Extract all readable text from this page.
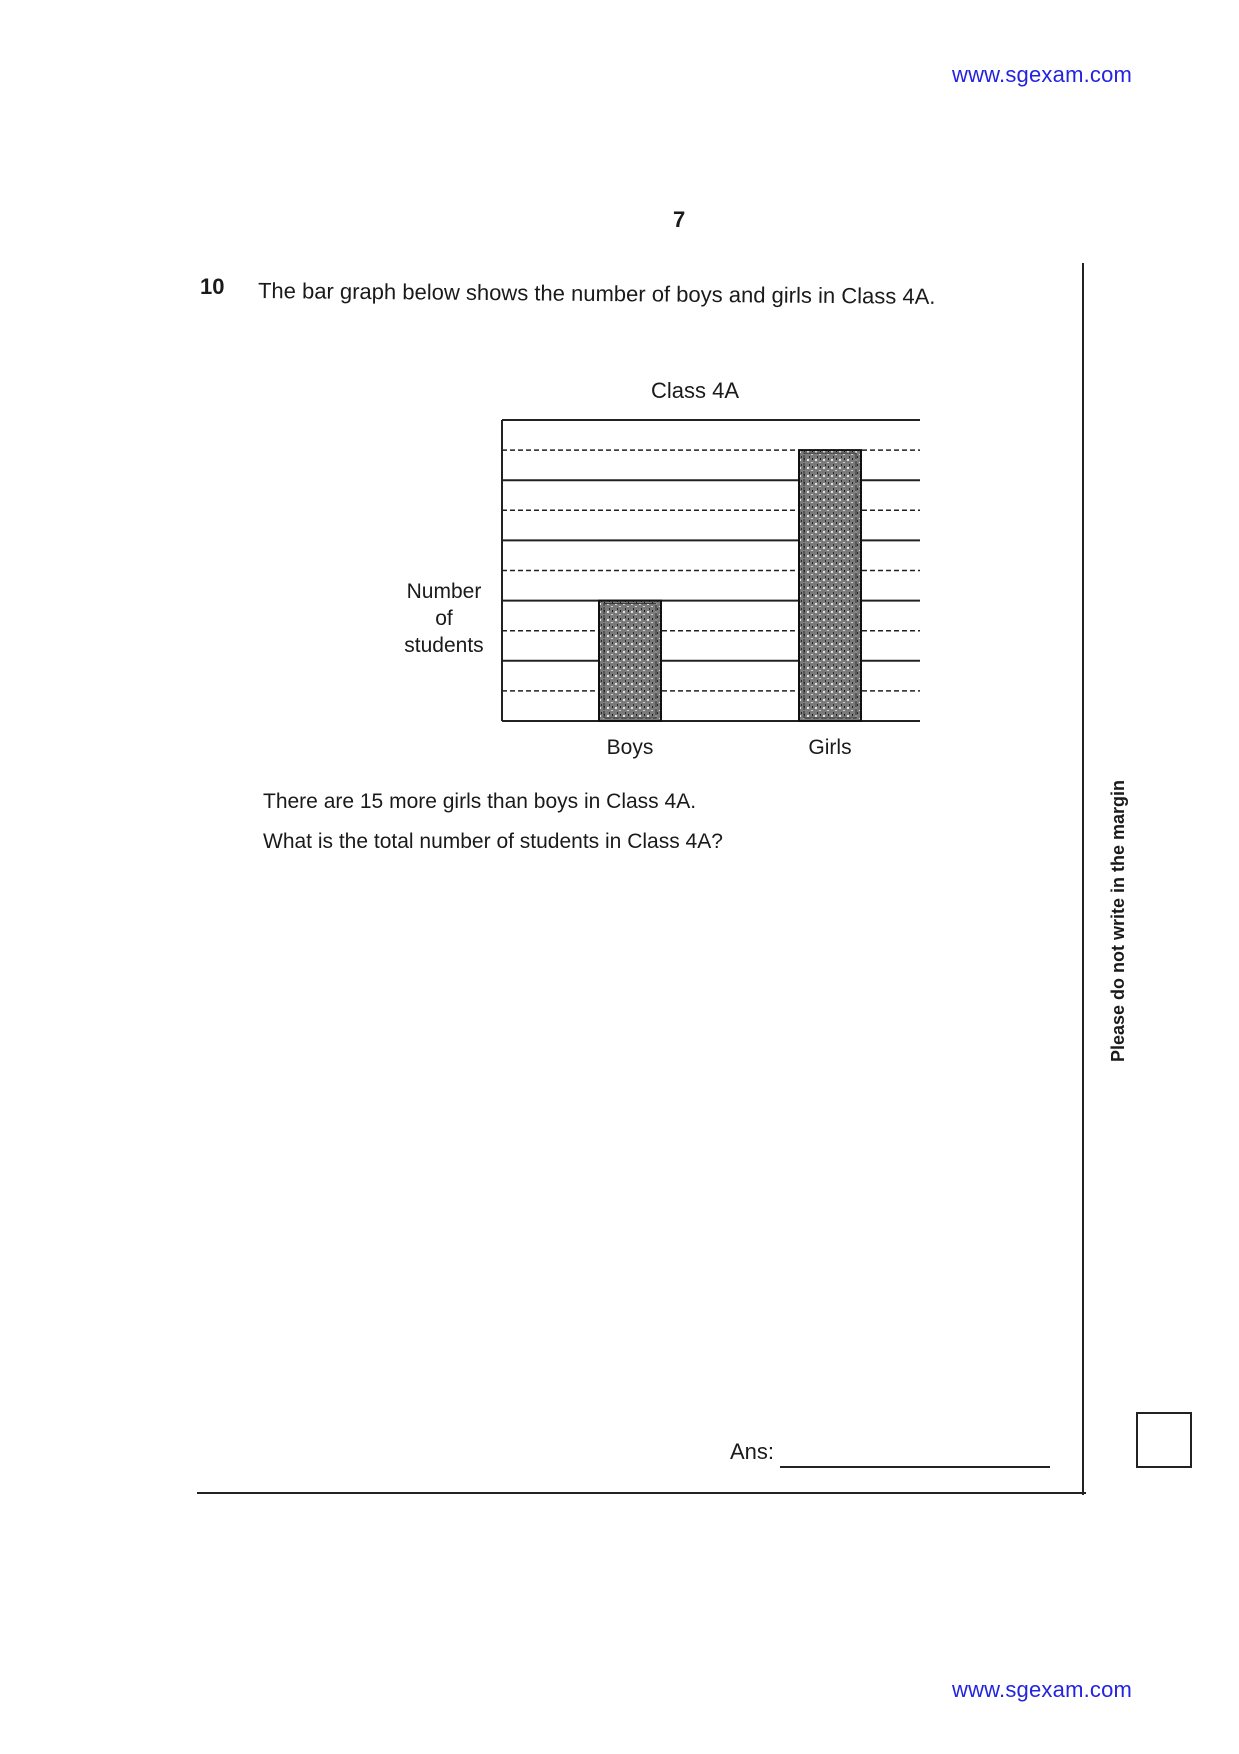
www.sgexam.com
7
10 The bar graph below shows the number of boys and girls in Class 4A.
Boys	Girls
Class 4A
Number
of
students
There are 15 more girls than boys in Class 4A.
What is the total number of students in Class 4A?
Ans:
Please do not write in the margin
www.sgexam.com
